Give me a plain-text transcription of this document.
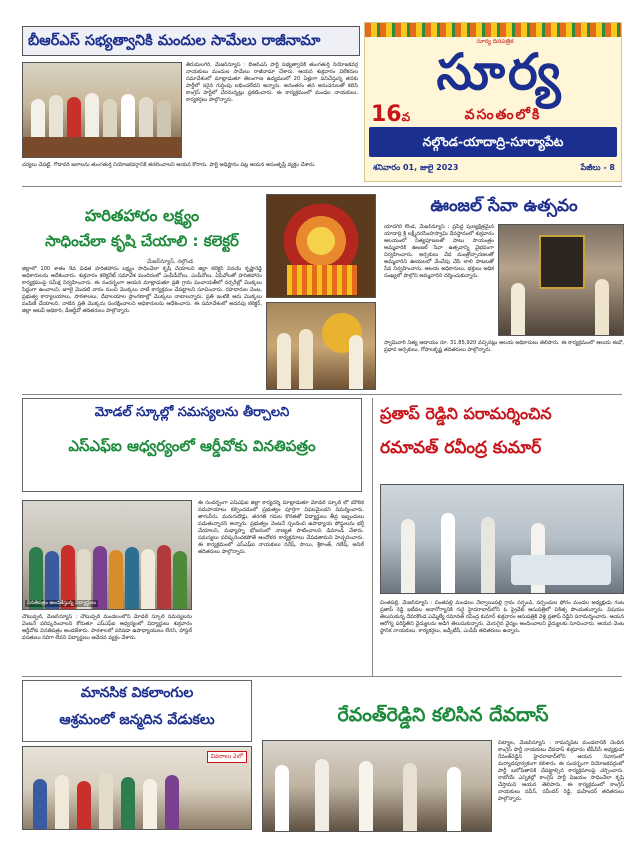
బీఆర్ఎస్ సభ్యత్వానికి మందుల సామేలు రాజీనామా
తిరుమలగిరి, మేజర్‌న్యూస్ : బీఆర్ఎస్ పార్టీ సభ్యత్వానికి తుంగతుర్తి నియోజకవర్గ నాయకులు మందుల సామేలు రాజీనామా చేశారు. ఆయన శుక్రవారం విలేకరుల సమావేశంలో మాట్లాడుతూ తెలంగాణ ఉద్యమంలో 20 ఏళ్లుగా పనిచేస్తున్న తనకు పార్టీలో సరైన గుర్తింపు లభించలేదని అన్నారు. అనంతరం తన అనుచరులతో కలిసి కాంగ్రెస్ పార్టీలో చేరనున్నట్లు ప్రకటించారు. ఈ కార్యక్రమంలో మండల నాయకులు, కార్యకర్తలు పాల్గొన్నారు.
చర్యలు చేపట్టి, గోదావరి జలాలను తుంగతుర్తి నియోజకవర్గానికి తరలించాలని ఆయన కోరారు. పార్టీ అధిష్టానం పట్ల ఆయన అసంతృప్తి వ్యక్తం చేశారు.
సూర్య దినపత్రిక
సూర్య
16వ	వసంతంలోకి
నల్గొండ-యాదాద్రి-సూర్యాపేట
శనివారం 01, జులై 2023	పేజీలు - 8
హరితహారం లక్ష్యం
సాధించేలా కృషి చేయాలి : కలెక్టర్
మేజర్‌న్యూస్, నల్గొండ
జిల్లాలో 100 శాతం 9వ విడత హరితహారం లక్ష్యం సాధించేలా కృషి చేయాలని జిల్లా కలెక్టర్ వినయ్ కృష్ణారెడ్డి అధికారులను ఆదేశించారు. శుక్రవారం కలెక్టరేట్ సమావేశ మందిరంలో ఎంపీడీవోలు, ఎంపీవోలు, ఏపీవోలతో హరితహారం కార్యక్రమంపై సమీక్ష నిర్వహించారు. ఈ సందర్భంగా ఆయన మాట్లాడుతూ ప్రతి గ్రామ పంచాయతీలో నర్సరీల్లో మొక్కలు సిద్ధంగా ఉంచాలని, జూలై మొదటి వారం నుంచి మొక్కలు నాటే కార్యక్రమం చేపట్టాలని సూచించారు. రహదారుల వెంట, ప్రభుత్వ కార్యాలయాలు, పాఠశాలలు, దేవాలయాల ప్రాంగణాల్లో మొక్కలు నాటాలన్నారు. ప్రతి ఇంటికి ఆరు మొక్కలు పంపిణీ చేయాలని, నాటిన ప్రతి మొక్కను సంరక్షించాలని అధికారులను ఆదేశించారు. ఈ సమావేశంలో అదనపు కలెక్టర్, జిల్లా అటవీ అధికారి, డీఆర్డీవో తదితరులు పాల్గొన్నారు.
ఊంజల్ సేవా ఉత్సవం
యాదగిరి కొండ, మేజర్‌న్యూస్ : ప్రసిద్ధ పుణ్యక్షేత్రమైన యాదాద్రి శ్రీ లక్ష్మీనరసింహస్వామి దేవస్థానంలో శుక్రవారం ఆలయంలో నిత్యపూజలతో పాటు సాయంత్రం అమ్మవారికి ఊంజల్ సేవా ఉత్సవాన్ని వైభవంగా నిర్వహించారు. అర్చకులు వేద మంత్రోచ్చారణలతో అమ్మవారిని ఊయలలో వేంచేపు చేసి లాలి పాటలతో సేవ నిర్వహించారు. ఆలయ అధికారులు, భక్తులు అధిక సంఖ్యలో పాల్గొని అమ్మవారిని దర్శించుకున్నారు.
స్వామివారి నిత్య ఆదాయం రూ. 31,85,920 వచ్చినట్లు ఆలయ అధికారులు తెలిపారు. ఈ కార్యక్రమంలో ఆలయ ఈవో, ప్రధాన అర్చకులు, గోపాలకృష్ణ తదితరులు పాల్గొన్నారు.
మోడల్ స్కూల్లో సమస్యలను తీర్చాలని
ఎస్ఎఫ్ఐ ఆధ్వర్యంలో ఆర్డీవోకు వినతిపత్రం
వినతిపత్రం అందజేస్తున్న విద్యార్థులు
చౌటుప్పల్, మేజర్‌న్యూస్ : చౌటుప్పల్ మండలంలోని మోడల్ స్కూల్ సమస్యలను వెంటనే పరిష్కరించాలని కోరుతూ ఎస్ఎఫ్ఐ ఆధ్వర్యంలో విద్యార్థులు శుక్రవారం ఆర్డీవోకు వినతిపత్రం అందజేశారు. పాఠశాలలో సరిపడా ఉపాధ్యాయులు లేరని, హాస్టల్ వసతులు సరిగా లేవని విద్యార్థులు ఆవేదన వ్యక్తం చేశారు.
ఈ సందర్భంగా ఎస్ఎఫ్ఐ జిల్లా కార్యదర్శి మాట్లాడుతూ మోడల్ స్కూల్ లో మౌలిక సదుపాయాలు కల్పించడంలో ప్రభుత్వం పూర్తిగా విఫలమైందని విమర్శించారు. తాగునీరు, మరుగుదొడ్లు, తరగతి గదుల కొరతతో విద్యార్థులు తీవ్ర ఇబ్బందులు పడుతున్నారని అన్నారు. ప్రభుత్వం వెంటనే స్పందించి ఉపాధ్యాయ పోస్టులను భర్తీ చేయాలని, మధ్యాహ్న భోజనంలో నాణ్యత పాటించాలని డిమాండ్ చేశారు. సమస్యలు పరిష్కరించకపోతే ఆందోళన కార్యక్రమాలు చేపడతామని హెచ్చరించారు. ఈ కార్యక్రమంలో ఎస్ఎఫ్ఐ నాయకులు నరేష్, సాయి, శ్రీకాంత్, గణేష్, అనిల్ తదితరులు పాల్గొన్నారు.
ప్రతాప్ రెడ్డిని పరామర్శించిన
రమావత్ రవీంద్ర కుమార్
చింతపల్లి, మేజర్‌న్యూస్ : చింతపల్లి మండలం నేల్వాయిపల్లి గ్రామ సర్పంచ్, సర్పంచుల ఫోరం మండల అధ్యక్షుడు గంట ప్రతాప్ రెడ్డి ఇటీవల అనారోగ్యానికి గురై హైదరాబాద్‌లోని ఓ ప్రైవేట్ ఆసుపత్రిలో చికిత్స పొందుతున్నారు. విషయం తెలుసుకున్న దేవరకొండ ఎమ్మెల్యే రమావత్ రవీంద్ర కుమార్ శుక్రవారం ఆసుపత్రికి వెళ్లి ప్రతాప్ రెడ్డిని పరామర్శించారు. ఆయన ఆరోగ్య పరిస్థితిని వైద్యులను అడిగి తెలుసుకున్నారు. మెరుగైన వైద్యం అందించాలని వైద్యులకు సూచించారు. ఆయన వెంట స్థానిక నాయకులు, కార్యకర్తలు, జడ్పీటీసీ, ఎంపీపీ తదితరులు ఉన్నారు.
మానసిక వికలాంగుల
ఆశ్రమంలో జన్మదిన వేడుకలు
వివరాలు 2లో
రేవంత్‌రెడ్డిని కలిసిన దేవదాస్
చిట్యాల, మేజర్‌న్యూస్ : రామన్నపేట మండలానికి చెందిన కాంగ్రెస్ పార్టీ నాయకులు దేవదాస్ శుక్రవారం టీపీసీసీ అధ్యక్షుడు రేవంత్‌రెడ్డిని హైదరాబాద్‌లోని ఆయన నివాసంలో మర్యాదపూర్వకంగా కలిశారు. ఈ సందర్భంగా నియోజకవర్గంలో పార్టీ బలోపేతానికి చేపట్టాల్సిన కార్యక్రమాలపై చర్చించారు. రాబోయే ఎన్నికల్లో కాంగ్రెస్ పార్టీ విజయం సాధించేలా కృషి చేస్తామని ఆయన తెలిపారు. ఈ కార్యక్రమంలో కాంగ్రెస్ నాయకులు నవీన్, రవీందర్ రెడ్డి, మహేందర్ తదితరులు పాల్గొన్నారు.
